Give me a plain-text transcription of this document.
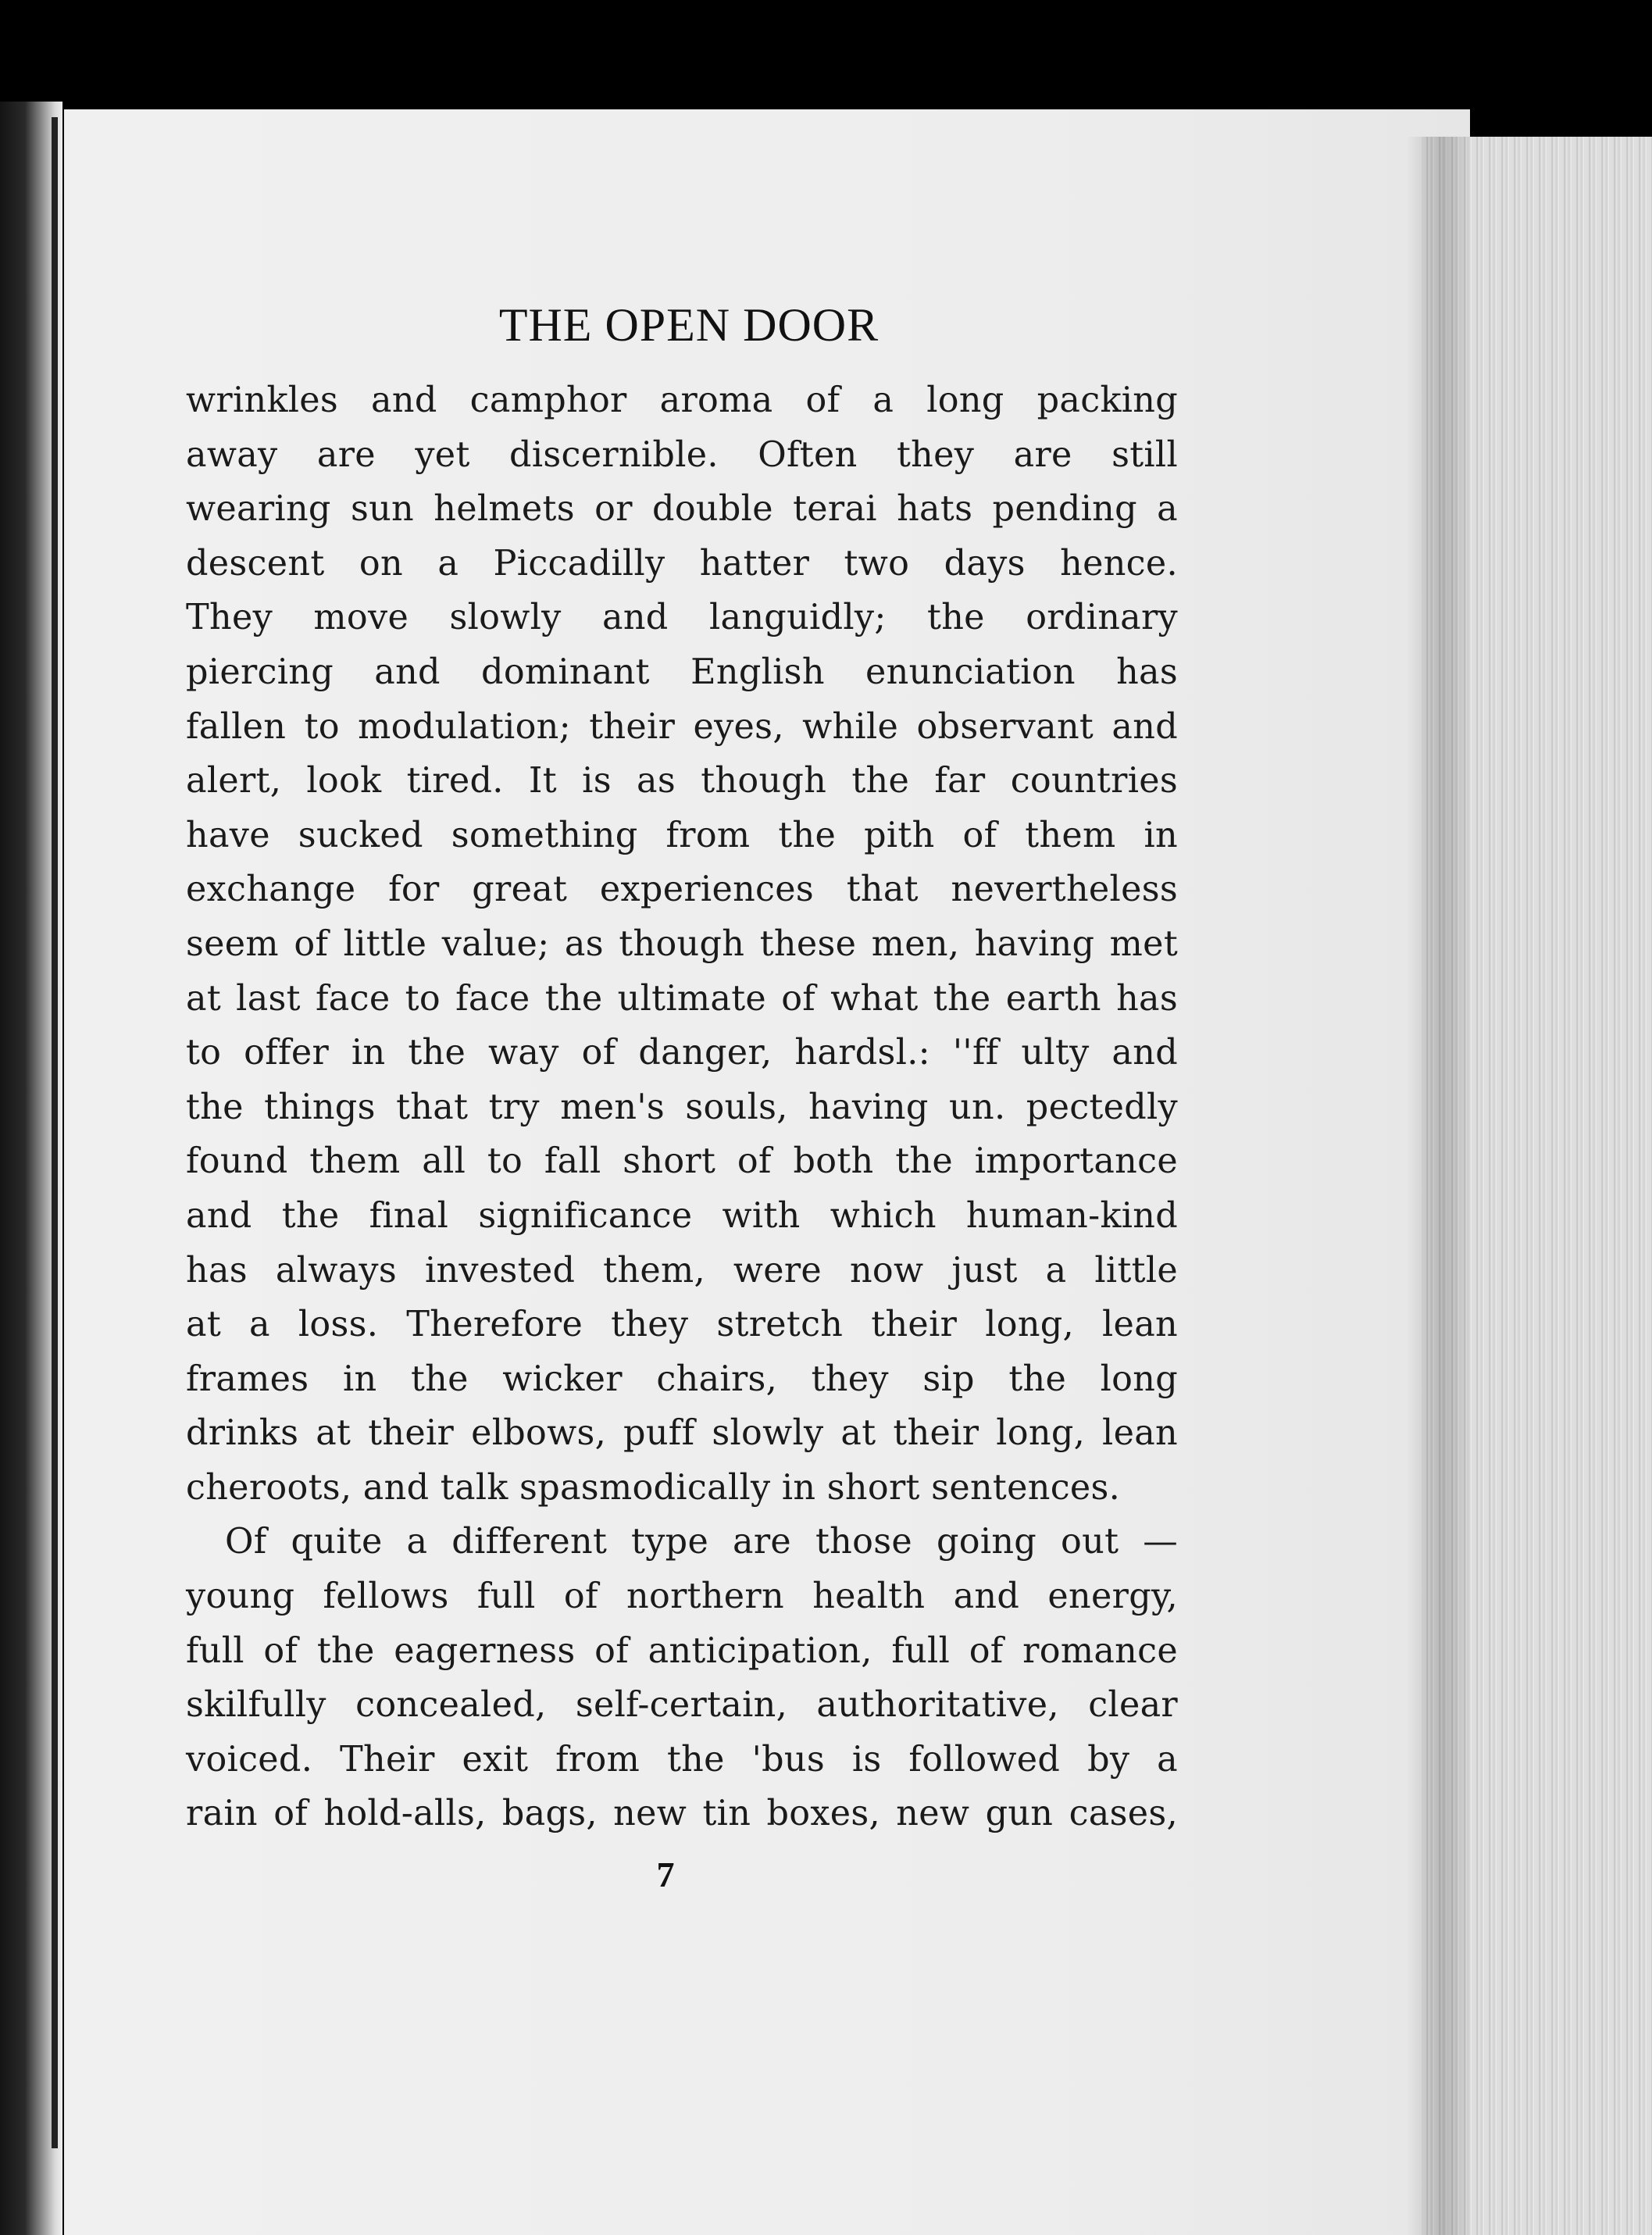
THE OPEN DOOR
wrinkles and camphor aroma of a long packing
away are yet discernible. Often they are still
wearing sun helmets or double terai hats pending a
descent on a Piccadilly hatter two days hence.
They move slowly and languidly; the ordinary
piercing and dominant English enunciation has
fallen to modulation; their eyes, while observant and
alert, look tired. It is as though the far countries
have sucked something from the pith of them in
exchange for great experiences that nevertheless
seem of little value; as though these men, having met
at last face to face the ultimate of what the earth has
to offer in the way of danger, hardsl.: ''ff ulty and
the things that try men's souls, having un. pectedly
found them all to fall short of both the importance
and the final significance with which human-kind
has always invested them, were now just a little
at a loss. Therefore they stretch their long, lean
frames in the wicker chairs, they sip the long
drinks at their elbows, puff slowly at their long, lean
cheroots, and talk spasmodically in short sentences.
Of quite a different type are those going out —
young fellows full of northern health and energy,
full of the eagerness of anticipation, full of romance
skilfully concealed, self-certain, authoritative, clear
voiced. Their exit from the 'bus is followed by a
rain of hold-alls, bags, new tin boxes, new gun cases,
7
